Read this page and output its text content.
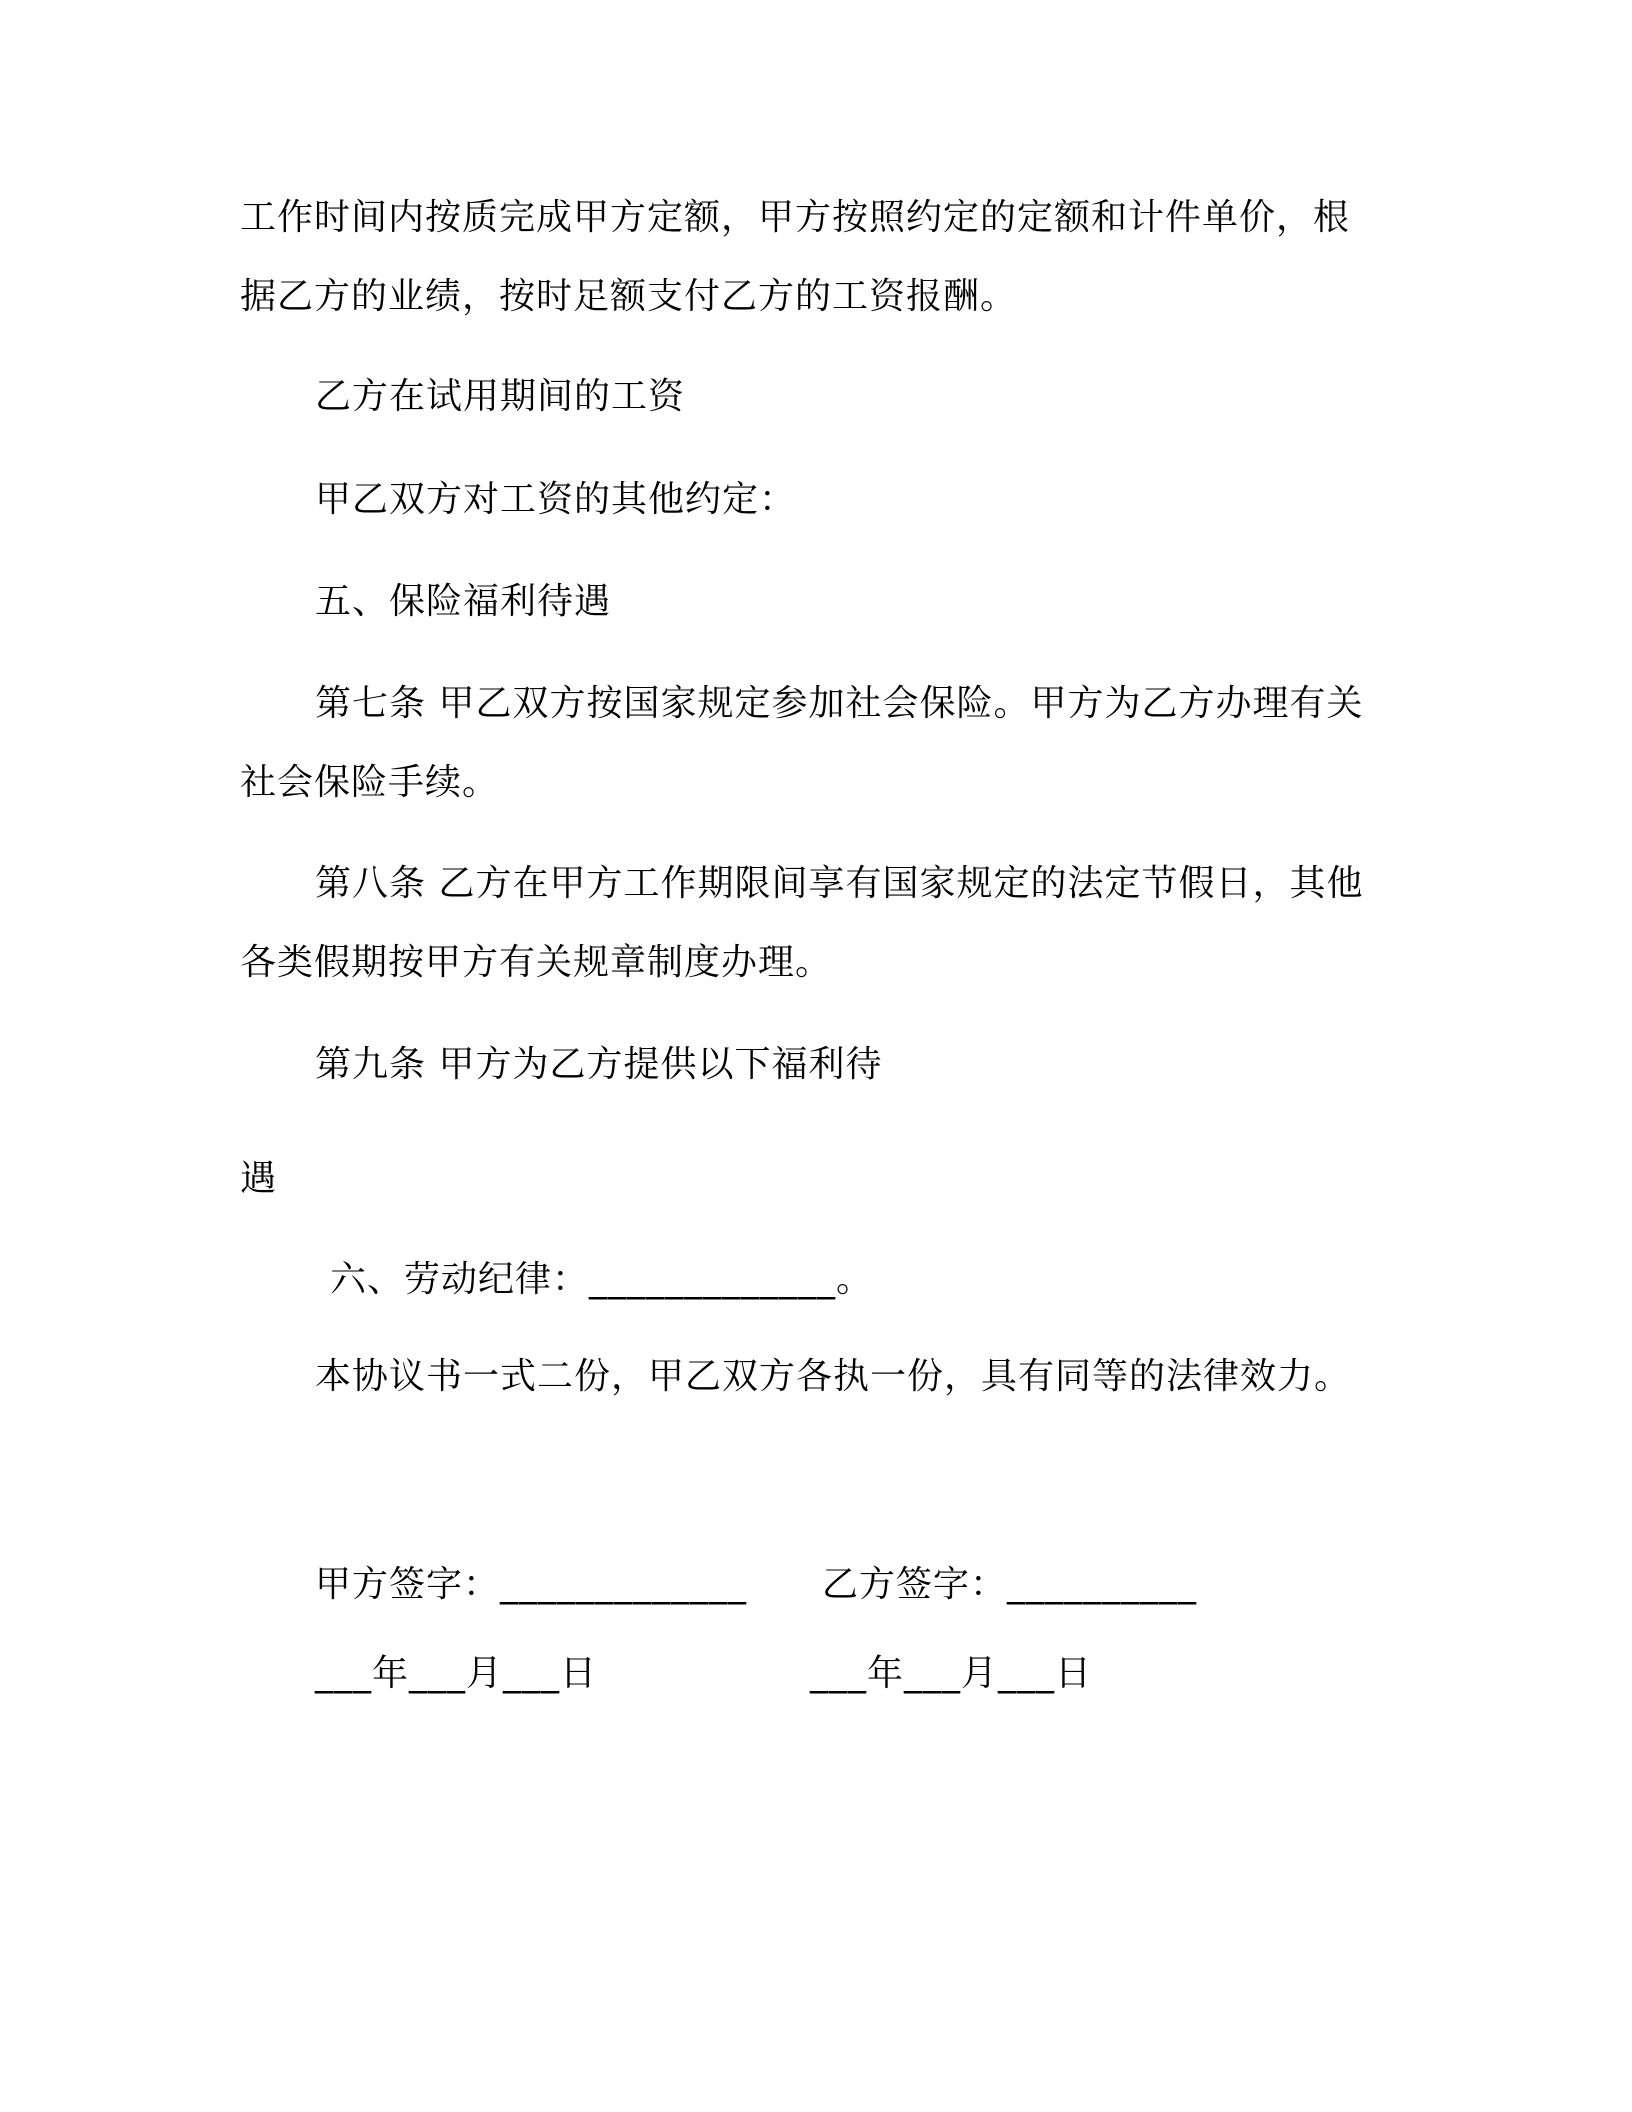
工作时间内按质完成甲方定额，甲方按照约定的定额和计件单价，根
据乙方的业绩，按时足额支付乙方的工资报酬。
乙方在试用期间的工资
甲乙双方对工资的其他约定：
五、保险福利待遇
第七条 甲乙双方按国家规定参加社会保险。甲方为乙方办理有关
社会保险手续。
第八条 乙方在甲方工作期限间享有国家规定的法定节假日，其他
各类假期按甲方有关规章制度办理。
第九条 甲方为乙方提供以下福利待
遇
六、劳动纪律：_____________。
本协议书一式二份，甲乙双方各执一份，具有同等的法律效力。
甲方签字：_____________ 乙方签字：__________
___年___月___日	___年___月___日
